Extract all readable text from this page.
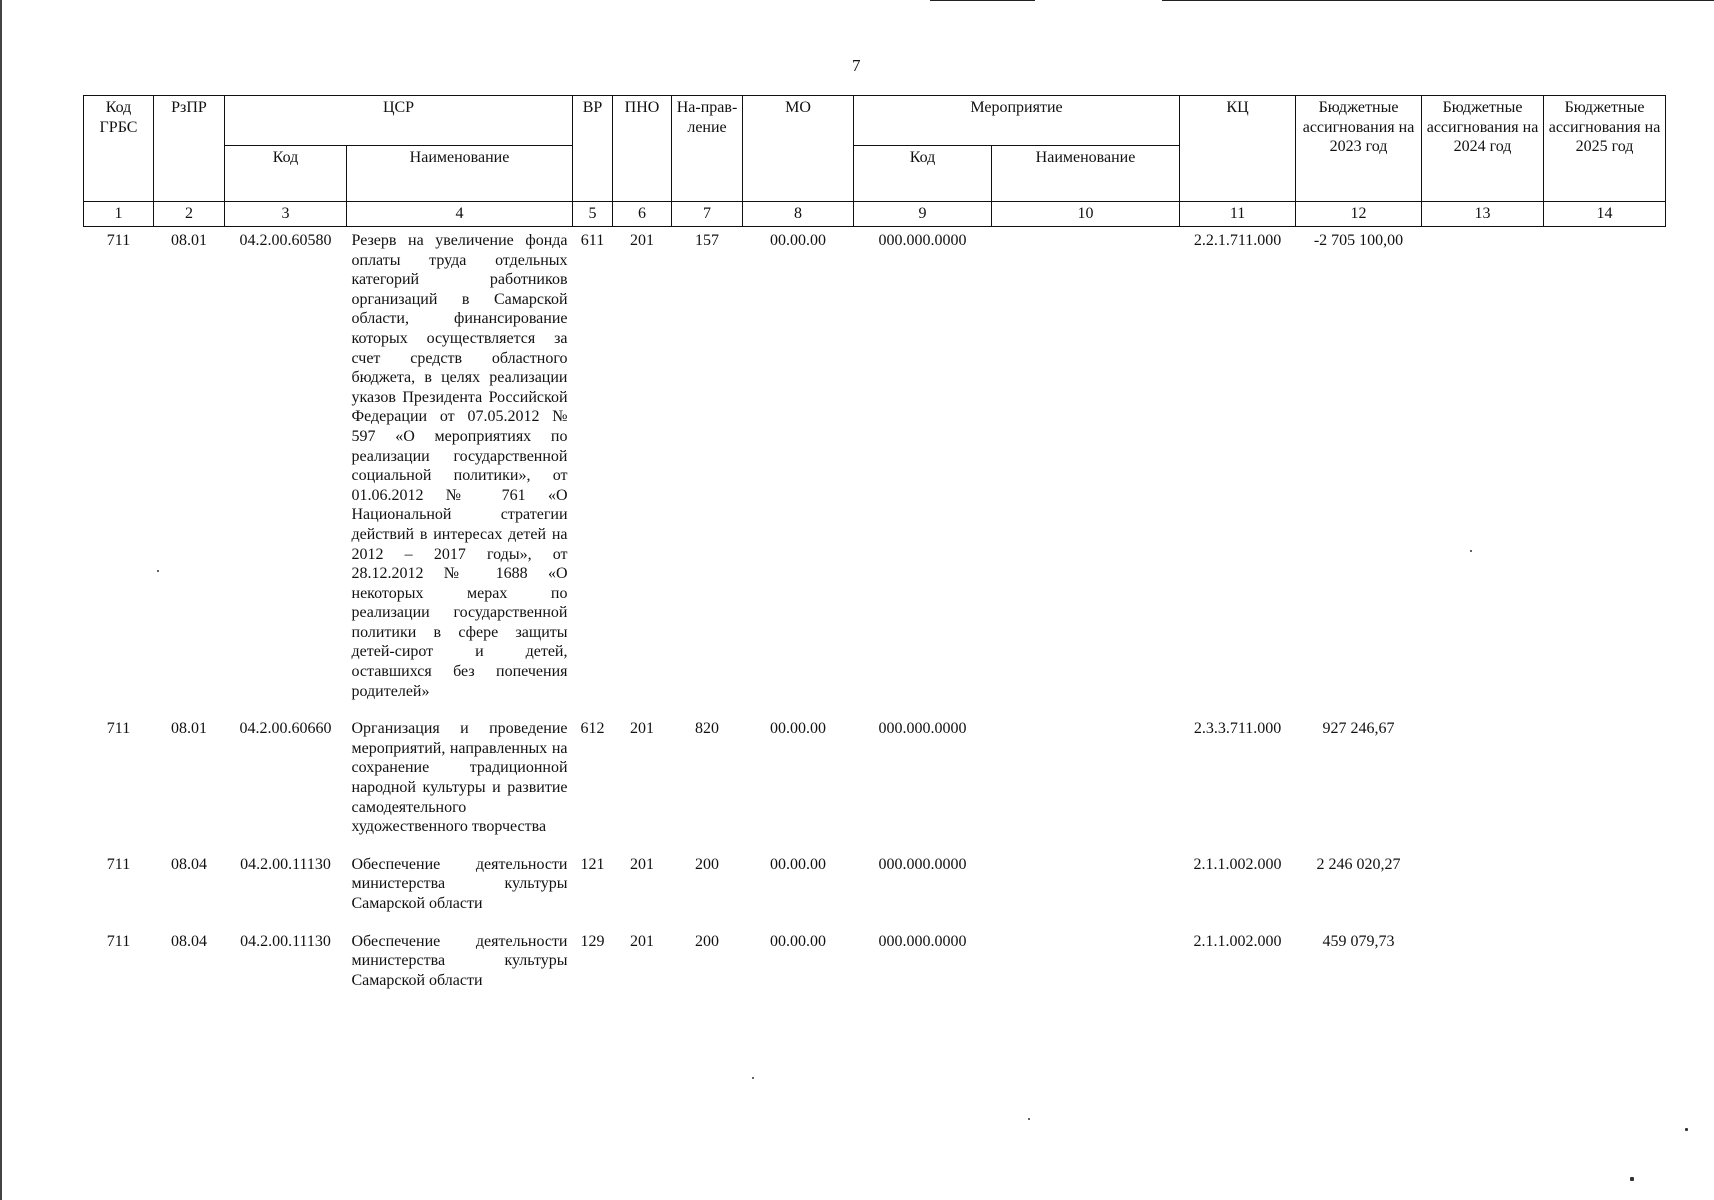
7
Код ГРБС	РзПР	ЦСР		ВР	ПНО	На-прав-ление	МО	Мероприятие		КЦ	Бюджетные ассигнования на 2023 год	Бюджетные ассигнования на 2024 год	Бюджетные ассигнования на 2025 год
		Код	Наименование					Код	Наименование				
1	2	3	4	5	6	7	8	9	10	11	12	13	14
711	08.01	04.2.00.60580	Резерв на увеличение фонда оплаты труда отдельных категорий работников организаций в Самарской области, финансирование которых осуществляется за счет средств областного бюджета, в целях реализации указов Президента Российской Федерации от 07.05.2012 № 597 «О мероприятиях по реализации государственной социальной политики», от 01.06.2012 № 761 «О Национальной стратегии действий в интересах детей на 2012 – 2017 годы», от 28.12.2012 № 1688 «О некоторых мерах по реализации государственной политики в сфере защиты детей-сирот и детей, оставшихся без попечения родителей»	611	201	157	00.00.00	000.000.0000		2.2.1.711.000	-2 705 100,00		
711	08.01	04.2.00.60660	Организация и проведение мероприятий, направленных на сохранение традиционной народной культуры и развитие самодеятельного художественного творчества	612	201	820	00.00.00	000.000.0000		2.3.3.711.000	927 246,67		
711	08.04	04.2.00.11130	Обеспечение деятельности министерства культуры Самарской области	121	201	200	00.00.00	000.000.0000		2.1.1.002.000	2 246 020,27		
711	08.04	04.2.00.11130	Обеспечение деятельности министерства культуры Самарской области	129	201	200	00.00.00	000.000.0000		2.1.1.002.000	459 079,73		
